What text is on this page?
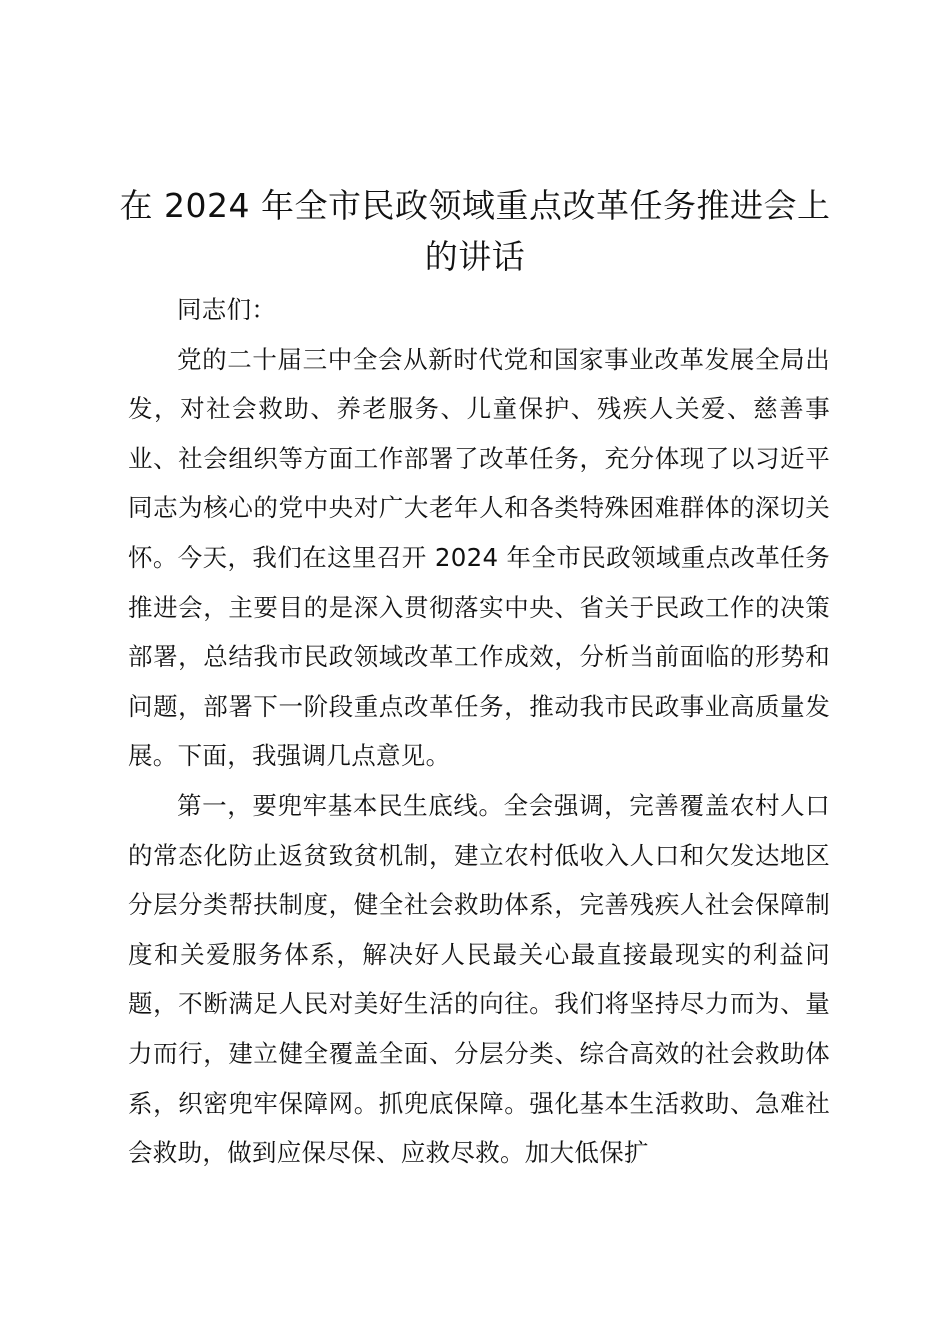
在 2024 年全市民政领域重点改革任务推进会上的讲话

同志们：

党的二十届三中全会从新时代党和国家事业改革发展全局出发，对社会救助、养老服务、儿童保护、残疾人关爱、慈善事业、社会组织等方面工作部署了改革任务，充分体现了以习近平同志为核心的党中央对广大老年人和各类特殊困难群体的深切关怀。今天，我们在这里召开 2024 年全市民政领域重点改革任务推进会，主要目的是深入贯彻落实中央、省关于民政工作的决策部署，总结我市民政领域改革工作成效，分析当前面临的形势和问题，部署下一阶段重点改革任务，推动我市民政事业高质量发展。下面，我强调几点意见。

第一，要兜牢基本民生底线。全会强调，完善覆盖农村人口的常态化防止返贫致贫机制，建立农村低收入人口和欠发达地区分层分类帮扶制度，健全社会救助体系，完善残疾人社会保障制度和关爱服务体系，解决好人民最关心最直接最现实的利益问题，不断满足人民对美好生活的向往。我们将坚持尽力而为、量力而行，建立健全覆盖全面、分层分类、综合高效的社会救助体系，织密兜牢保障网。抓兜底保障。强化基本生活救助、急难社会救助，做到应保尽保、应救尽救。加大低保扩
